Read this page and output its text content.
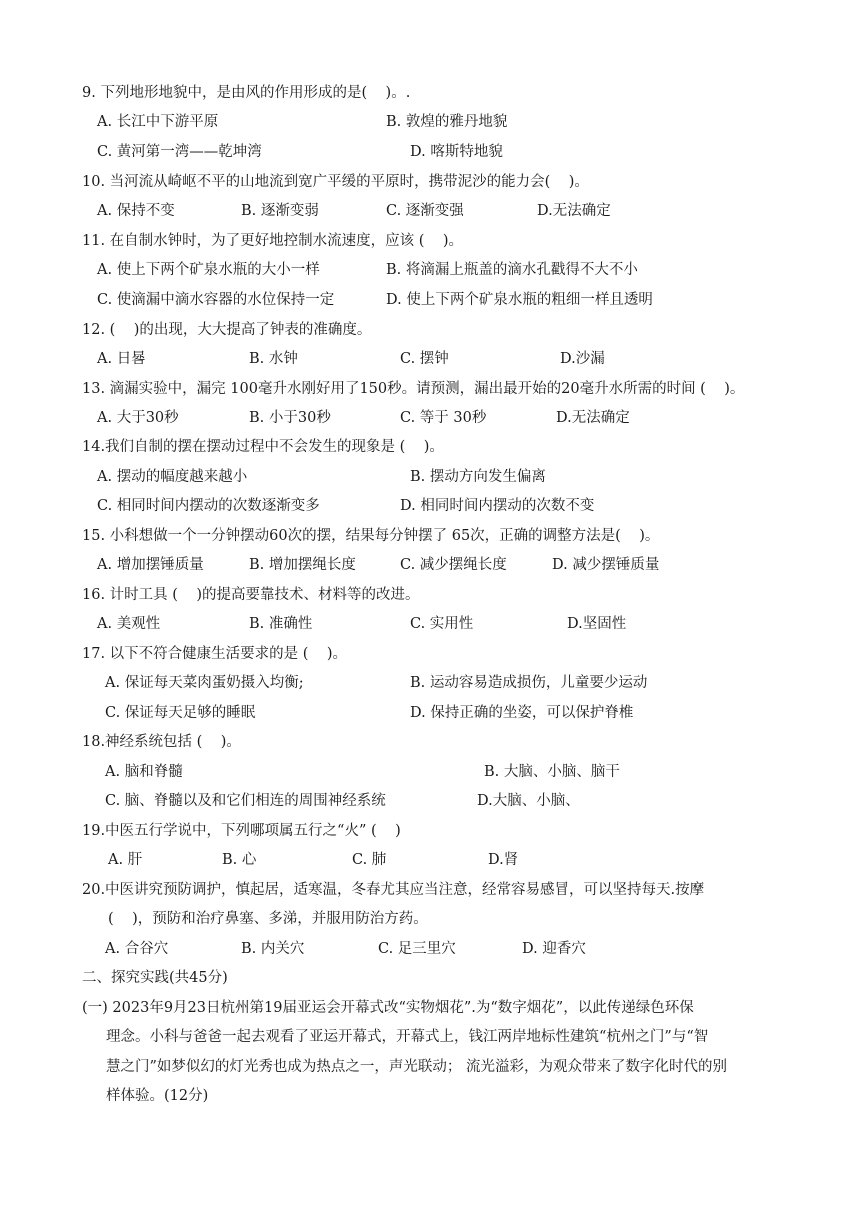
9. 下列地形地貌中，是由风的作用形成的是(    )。.
A. 长江中下游平原	B. 敦煌的雅丹地貌
C. 黄河第一湾——乾坤湾	D. 喀斯特地貌
10. 当河流从崎岖不平的山地流到宽广平缓的平原时，携带泥沙的能力会(    )。
A. 保持不变	B. 逐渐变弱	C. 逐渐变强	D.无法确定
11. 在自制水钟时，为了更好地控制水流速度，应该 (    )。
A. 使上下两个矿泉水瓶的大小一样	B. 将滴漏上瓶盖的滴水孔戳得不大不小
C. 使滴漏中滴水容器的水位保持一定	D. 使上下两个矿泉水瓶的粗细一样且透明
12. (    )的出现，大大提高了钟表的准确度。
A. 日晷	B. 水钟	C. 摆钟	D.沙漏
13. 滴漏实验中，漏完 100毫升水刚好用了150秒。请预测，漏出最开始的20毫升水所需的时间 (    )。
A. 大于30秒	B. 小于30秒	C. 等于 30秒	D.无法确定
14.我们自制的摆在摆动过程中不会发生的现象是 (    )。
A. 摆动的幅度越来越小	B. 摆动方向发生偏离
C. 相同时间内摆动的次数逐渐变多	D. 相同时间内摆动的次数不变
15. 小科想做一个一分钟摆动60次的摆，结果每分钟摆了 65次，正确的调整方法是(    )。
A. 增加摆锤质量	B. 增加摆绳长度	C. 减少摆绳长度	D. 减少摆锤质量
16. 计时工具 (    )的提高要靠技术、材料等的改进。
A. 美观性	B. 准确性	C. 实用性	D.坚固性
17. 以下不符合健康生活要求的是 (    )。
A. 保证每天菜肉蛋奶摄入均衡;	B. 运动容易造成损伤，儿童要少运动
C. 保证每天足够的睡眠	D. 保持正确的坐姿，可以保护脊椎
18.神经系统包括 (    )。
A. 脑和脊髓	B. 大脑、小脑、脑干
C. 脑、脊髓以及和它们相连的周围神经系统	D.大脑、小脑、
19.中医五行学说中，下列哪项属五行之“火” (    )
A. 肝	B. 心	C. 肺	D.肾
20.中医讲究预防调护，慎起居，适寒温，冬春尤其应当注意，经常容易感冒，可以坚持每天.按摩
(    )，预防和治疗鼻塞、多涕，并服用防治方药。
A. 合谷穴	B. 内关穴	C. 足三里穴	D. 迎香穴
二、探究实践(共45分)
(一) 2023年9月23日杭州第19届亚运会开幕式改“实物烟花”.为“数字烟花”，以此传递绿色环保
理念。小科与爸爸一起去观看了亚运开幕式，开幕式上，钱江两岸地标性建筑“杭州之门”与“智
慧之门”如梦似幻的灯光秀也成为热点之一，声光联动； 流光溢彩，为观众带来了数字化时代的别
样体验。(12分)
